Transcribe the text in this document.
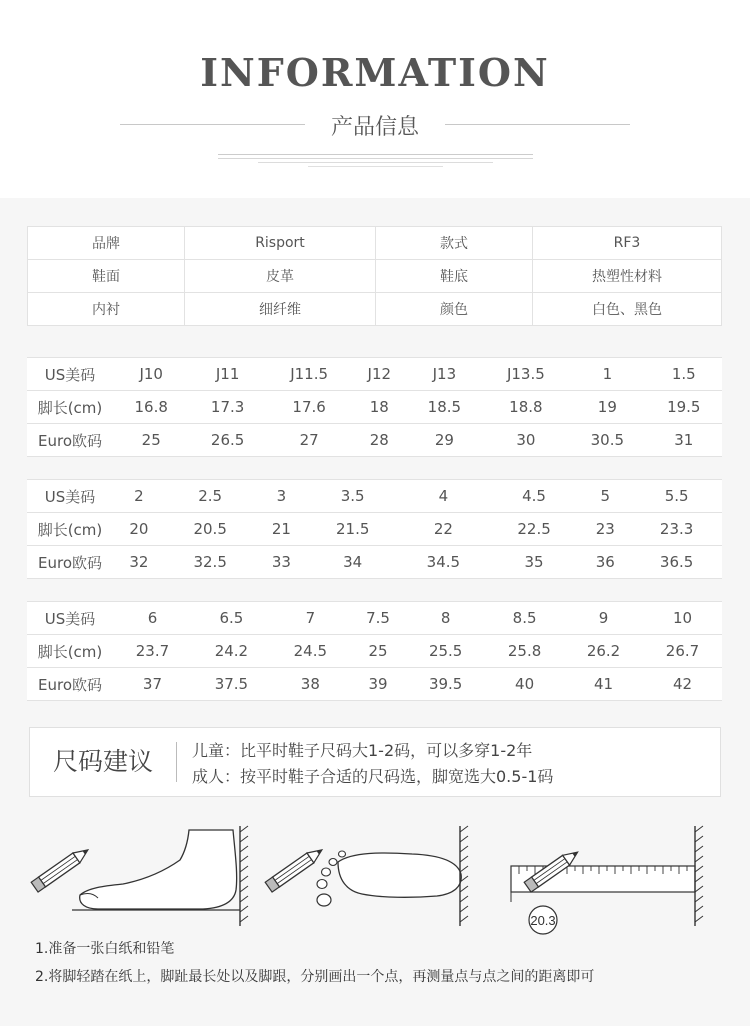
INFORMATION
产品信息
品牌	Risport	款式	RF3
鞋面	皮革	鞋底	热塑性材料
内衬	细纤维	颜色	白色、黑色
US美码	J10	J11	J11.5	J12	J13	J13.5	1	1.5
脚长(cm)	16.8	17.3	17.6	18	18.5	18.8	19	19.5
Euro欧码	25	26.5	27	28	29	30	30.5	31
US美码	2	2.5	3	3.5	4	4.5	5	5.5
脚长(cm)	20	20.5	21	21.5	22	22.5	23	23.3
Euro欧码	32	32.5	33	34	34.5	35	36	36.5
US美码	6	6.5	7	7.5	8	8.5	9	10
脚长(cm)	23.7	24.2	24.5	25	25.5	25.8	26.2	26.7
Euro欧码	37	37.5	38	39	39.5	40	41	42
尺码建议	儿童：比平时鞋子尺码大1-2码，可以多穿1-2年
成人：按平时鞋子合适的尺码选，脚宽选大0.5-1码
20.3
1.准备一张白纸和铅笔
2.将脚轻踏在纸上，脚趾最长处以及脚跟，分别画出一个点，再测量点与点之间的距离即可
